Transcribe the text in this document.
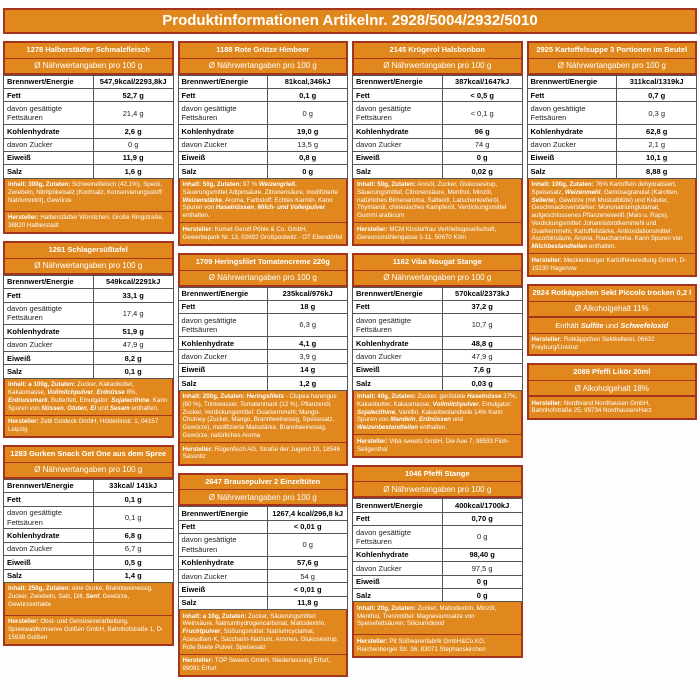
Produktinformationen Artikelnr. 2928/5004/2932/5010
1278 Halberstädter Schmalzfleisch
Ø Nährwertangaben pro 100 g
Brennwert/Energie	547,9kcal/2293,8kJ
Fett	52,7 g
davon gesättigte Fettsäuren	21,4 g
Kohlenhydrate	2,6 g
davon Zucker	0 g
Eiweiß	11,9 g
Salz	1,6 g
Inhalt: 300g, Zutaten: Schweinefleisch (42,1%), Speck, Zwiebeln, Nitritpökelsalz (Kochsalz, Konservierungsstoff: Natriumnitrit), Gewürze
Hersteller: Halberstädter Würstchen, Große Ringstraße, 38820 Halberstadt
1261 Schlagersüßtafel
Ø Nährwertangaben pro 100 g
Brennwert/Energie	549kcal/2291kJ
Fett	33,1 g
davon gesättigte Fettsäuren	17,4 g
Kohlenhydrate	51,9 g
davon Zucker	47,9 g
Eiweiß	8,2 g
Salz	0,1 g
Inhalt: a 100g, Zutaten: Zucker, Kakaobutter, Kakaomasse, Vollmilchpulver, Erdnüsse 8%, Erdnussmark, Butterfett, Emulgator: Sojalecithine. Kann Spuren von Nüssen, Gluten, Ei und Sesam enthalten.
Hersteller: Zetti Goldeck GmbH, Hölderlinstr. 1, 04157 Leipzig
1283 Gurken Snack Get One aus dem Spree
Ø Nährwertangaben pro 100 g
Brennwert/Energie	33kcal/ 141kJ
Fett	0,1 g
davon gesättigte Fettsäuren	0,1 g
Kohlenhydrate	6,8 g
davon Zucker	6,7 g
Eiweiß	0,5 g
Salz	1,4 g
Inhalt: 250g, Zutaten: eine Gurke, Branntweinessig, Zucker, Zwiebeln, Salz, Dill, Senf, Gewürze, Gewürzextrakte
Hersteller: Obst- und Gemüseverarbeitung, Spreewaldkonserve Golßen GmbH, Bahnhofstraße 1, D-15938 Golßen
1188 Rote Grütze Himbeer
Ø Nährwertangaben pro 100 g
Brennwert/Energie	81kcal,346kJ
Fett	0,1 g
davon gesättigte Fettsäuren	0 g
Kohlenhydrate	19,0 g
davon Zucker	13,5 g
Eiweiß	0,8 g
Salz	0 g
Inhalt: 50g, Zutaten: 97 % Weizengrieß, Säuerungsmittel Adipinsäure, Zitronensäure, modifizierte Weizenstärke, Aroma, Farbstoff: Echtes Karmin. Kann Spuren von Haselnüssen, Milch- und Volleipulver enthalten.
Hersteller: Komet Gerolf Pöhle & Co. GmbH, Gewerbepark Nr. 13, 02692 Großpostwitz - OT Ebendörfel
1709 Heringsfilet Tomatencreme 220g
Ø Nährwertangaben pro 100 g
Brennwert/Energie	235kcal/976kJ
Fett	18 g
davon gesättigte Fettsäuren	6,3 g
Kohlenhydrate	4,1 g
davon Zucker	3,9 g
Eiweiß	14 g
Salz	1,2 g
Inhalt: 200g, Zutaten: Heringsfilets - Clupea harengus (60 %), Trinkwasser, Tomatenmark (12 %), Pflanzenöl, Zucker, Verdickungsmittel: Guarkernmehl; Mango-Chutney (Zucker, Mango, Branntweinessig, Speisesalz, Gewürze), modifizierte Maisstärke, Branntweinessig, Gewürze, natürliches Aroma
Hersteller: Rügenfisch AG, Straße der Jugend 10, 18546 Sassnitz
2647 Brausepulver 2 Einzeltüten
Ø Nährwertangaben pro 100 g
Brennwert/Energie	1267,4 kcal/296,8 kJ
Fett	< 0,01 g
davon gesättigte Fettsäuren	0 g
Kohlenhydrate	57,6 g
davon Zucker	54 g
Eiweiß	< 0,01 g
Salz	11,8 g
Inhalt: a 10g, Zutaten: Zucker, Säuerungsmittel: Weinsäure, Natriumhydrogencarbonat, Maltodextrin, Fruchtpulver, Süßungsmittel: Natriumcyclamat, Acesulfam-K, Saccharin-Natrium, Aromen, Glukosesirup, Rote Beete Pulver, Speisesalz
Hersteller: TOP Sweets GmbH, Niederlassung Erfurt, 99091 Erfurt
2145 Krügerol Halsbonbon
Ø Nährwertangaben pro 100 g
Brennwert/Energie	387kcal/1647kJ
Fett	< 0,5 g
davon gesättigte Fettsäuren	< 0,1 g
Kohlenhydrate	96 g
davon Zucker	74 g
Eiweiß	0 g
Salz	0,02 g
Inhalt: 50g, Zutaten: Anisöl, Zucker, Glukosesirup, Säuerungsmittel, Citronensäure, Menthol, Minzöl, natürliches Birnenaroma, Salbeiöl, Latschenkieferöl, Thymianöl, chinesisches Kampferöl, Verdickungsmittel Gummi arabicum
Hersteller: MCM Klosterfrau Vertriebsgesellschaft, Gereonsmühlengasse 1-11, 50670 Köln
1162 Viba Nougat Stange
Ø Nährwertangaben pro 100 g
Brennwert/Energie	570kcal/2373kJ
Fett	37,2 g
davon gesättigte Fettsäuren	10,7 g
Kohlenhydrate	48,8 g
davon Zucker	47,9 g
Eiweiß	7,6 g
Salz	0,03 g
Inhalt: 40g, Zutaten: Zucker, geröstete Haselnüsse 37%, Kakaobutter, Kakaomasse, Vollmilchpulver, Emulgator: Sojalecithine, Vanillin. Kakaobestandteile 14% Kann Spuren von Mandeln, Erdnüssen und Weizenbestandteilen enthalten.
Hersteller: Viba sweets GmbH, Die Aue 7, 98593 Floh-Seligenthal
1046 Pfeffi Stange
Ø Nährwertangaben pro 100 g
Brennwert/Energie	400kcal/1700kJ
Fett	0,70 g
davon gesättigte Fettsäuren	0 g
Kohlenhydrate	98,40 g
davon Zucker	97,5 g
Eiweiß	0 g
Salz	0 g
Inhalt: 20g, Zutaten: Zucker, Maltodextrin, Minzöl, Menthol, Trennmittel: Magnesiumsalze von Speisefettsäuren; Siliciumdioxid
Hersteller: Pit Süßwarenfabrik GmbH&Co.KG, Reichenberger Str. 36, 83071 Stephanskirchen
2925 Kartoffelsuppe 3 Portionen im Beutel
Ø Nährwertangaben pro 100 g
Brennwert/Energie	311kcal/1319kJ
Fett	0,7 g
davon gesättigte Fettsäuren	0,3 g
Kohlenhydrate	62,8 g
davon Zucker	2,1 g
Eiweiß	10,1 g
Salz	8,88 g
Inhalt: 100g, Zutaten: 76% Kartoffeln dehydratisiert, Speisesalz, Weizenmehl, Gemüsegranulat (Karotten, Sellerie), Gewürze (mit Muskatblüte) und Kräuter, Geschmacksverstärker: Mononatriumglutamat, aufgeschlossenes Pflanzeneiweiß (Mais u. Raps), Verdickungsmittel: Johannisbrotkernmehl und Guarkernmehl, Kartoffelstärke, Antioxidationsmittel: Ascorbinsäure, Aroma, Raucharoma. Kann Spuren von Milchbestandteilen enthalten.
Hersteller: Mecklenburger Kartoffelveredlung GmbH, D-19230 Hagenow
2924 Rotkäppchen Sekt Piccolo trocken 0,2 l
Ø Alkoholgehalt 11%
Enthält Sulfite und Schwefeloxid
Hersteller: Rotkäppchen Sektkellerei, 06632 Freyburg/Unstrut
2089 Pfeffi Likör 20ml
Ø Alkoholgehalt 18%
Hersteller: Nordbrand Nordhausen GmbH, Bahnhofstraße 25, 99734 Nordhausen/Harz
